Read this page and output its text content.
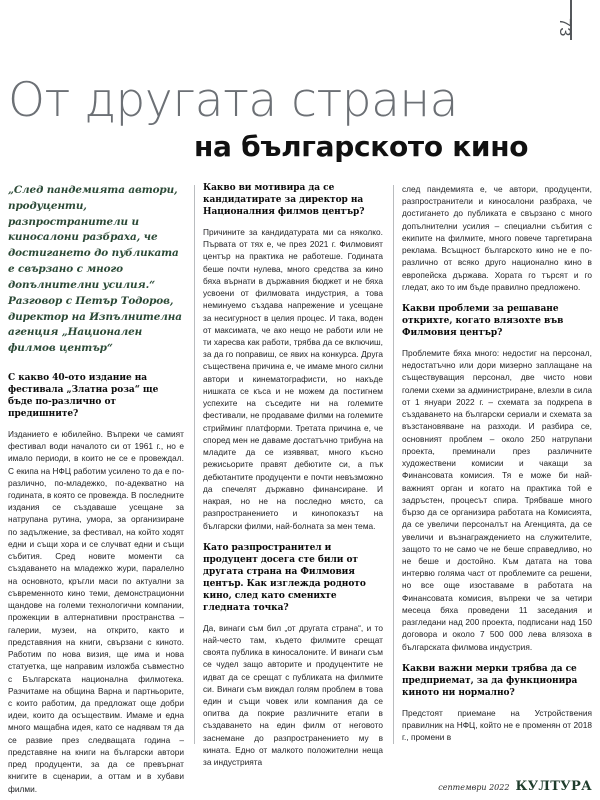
73
От другата страна
на българското кино

„След пандемията автори, продуценти, разпространители и киносалони разбраха, че достигането до публиката е свързано с много допълнителни усилия.“ Разговор с Петър Тодоров, директор на Изпълнителна агенция „Национален филмов център“

С какво 40-ото издание на фестивала „Златна роза“ ще бъде по-различно от предишните?

Изданието е юбилейно. Въпреки че самият фестивал води началото си от 1961 г., но е имало периоди, в които не се е провеждал. С екипа на НФЦ работим усилено то да е по-различно, по-младежко, по-адекватно на годината, в която се провежда. В последните издания се създаваше усещане за натрупана рутина, умора, за организиране по задължение, за фестивал, на който ходят едни и същи хора и се случват едни и същи събития. Сред новите моменти са създаването на младежко жури, паралелно на основното, кръгли маси по актуални за съвременното кино теми, демонстрационни щандове на големи технологични компании, прожекции в алтернативни пространства – галерии, музеи, на открито, както и представяния на книги, свързани с киното. Работим по нова визия, ще има и нова статуетка, ще направим изложба съвместно с Българската национална филмотека. Разчитаме на община Варна и партньорите, с които работим, да предложат още добри идеи, които да осъществим. Имаме и една много мащабна идея, като се надявам тя да се развие през следващата година – представяне на книги на български автори пред продуценти, за да се превърнат книгите в сценарии, а оттам и в хубави филми.

Какво ви мотивира да се кандидатирате за директор на Националния филмов център?

Причините за кандидатурата ми са няколко. Първата от тях е, че през 2021 г. Филмовият център на практика не работеше. Годината беше почти нулева, много средства за кино бяха върнати в държавния бюджет и не бяха усвоени от филмовата индустрия, а това неминуемо създава напрежение и усещане за несигурност в целия процес. И така, воден от максимата, че ако нещо не работи или не ти харесва как работи, трябва да се включиш, за да го поправиш, се явих на конкурса. Друга съществена причина е, че имаме много силни автори и кинематографисти, но накъде нишката се къса и не можем да постигнем успехите на съседите ни на големите фестивали, не продаваме филми на големите стрийминг платформи. Третата причина е, че според мен не даваме достатъчно трибуна на младите да се изявяват, много късно режисьорите правят дебютите си, а пък дебютантите продуценти е почти невъзможно да спечелят държавно финансиране. И накрая, но не на последно място, са разпространението и кинопоказът на български филми, най-болната за мен тема.

Като разпространител и продуцент досега сте били от другата страна на Филмовия център. Как изглежда родното кино, след като сменихте гледната точка?

Да, винаги съм бил „от другата страна“, и то най-често там, където филмите срещат своята публика в киносалоните. И винаги съм се чудел защо авторите и продуцентите не идват да се срещат с публиката на филмите си. Винаги съм виждал голям проблем в това един и същи човек или компания да се опитва да покрие различните етапи в създаването на един филм от неговото заснемане до разпространението му в кината. Едно от малкото положителни неща за индустрията

след пандемията е, че автори, продуценти, разпространители и киносалони разбраха, че достигането до публиката е свързано с много допълнителни усилия – специални събития с екипите на филмите, много повече таргетирана реклама. Всъщност българското кино не е по-различно от всяко друго национално кино в европейска държава. Хората го търсят и го гледат, ако то им бъде правилно предложено.

Какви проблеми за решаване открихте, когато влязохте във Филмовия център?

Проблемите бяха много: недостиг на персонал, недостатъчно или дори мизерно заплащане на съществуващия персонал, две чисто нови големи схеми за администриране, влезли в сила от 1 януари 2022 г. – схемата за подкрепа в създаването на български сериали и схемата за възстановяване на разходи. И разбира се, основният проблем – около 250 натрупани проекта, преминали през различните художествени комисии и чакащи за Финансовата комисия. Тя е може би най-важният орган и когато на практика той е задръстен, процесът спира. Трябваше много бързо да се организира работата на Комисията, да се увеличи персоналът на Агенцията, да се увеличи и възнаграждението на служителите, защото то не само че не беше справедливо, но не беше и достойно. Към датата на това интервю голяма част от проблемите са решени, но все още изоставаме в работата на Финансовата комисия, въпреки че за четири месеца бяха проведени 11 заседания и разгледани над 200 проекта, подписани над 150 договора и около 7 500 000 лева влязоха в българската филмова индустрия.

Какви важни мерки трябва да се предприемат, за да функционира киното ни нормално?

Предстоят приемане на Устройствения правилник на НФЦ, който не е променян от 2018 г., промени в

септември 2022 КУЛТУРА
